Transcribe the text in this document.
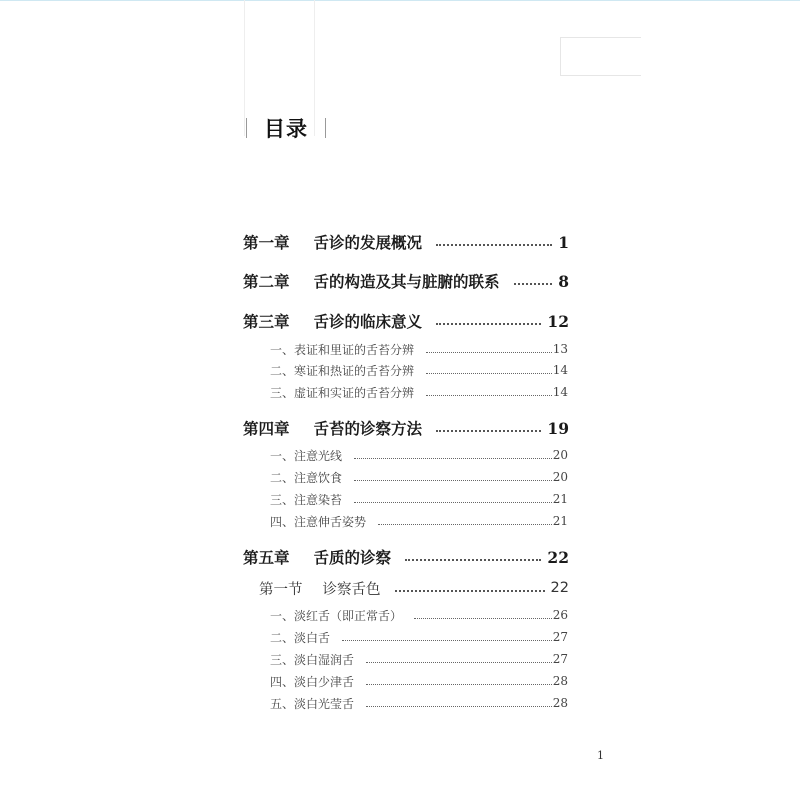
目录
第一章 舌诊的发展概况	1
第二章 舌的构造及其与脏腑的联系	8
第三章 舌诊的临床意义	12
一、表证和里证的舌苔分辨	13
二、寒证和热证的舌苔分辨	14
三、虚证和实证的舌苔分辨	14
第四章 舌苔的诊察方法	19
一、注意光线	20
二、注意饮食	20
三、注意染苔	21
四、注意伸舌姿势	21
第五章 舌质的诊察	22
第一节 诊察舌色	22
一、淡红舌（即正常舌）	26
二、淡白舌	27
三、淡白湿润舌	27
四、淡白少津舌	28
五、淡白光莹舌	28
1
